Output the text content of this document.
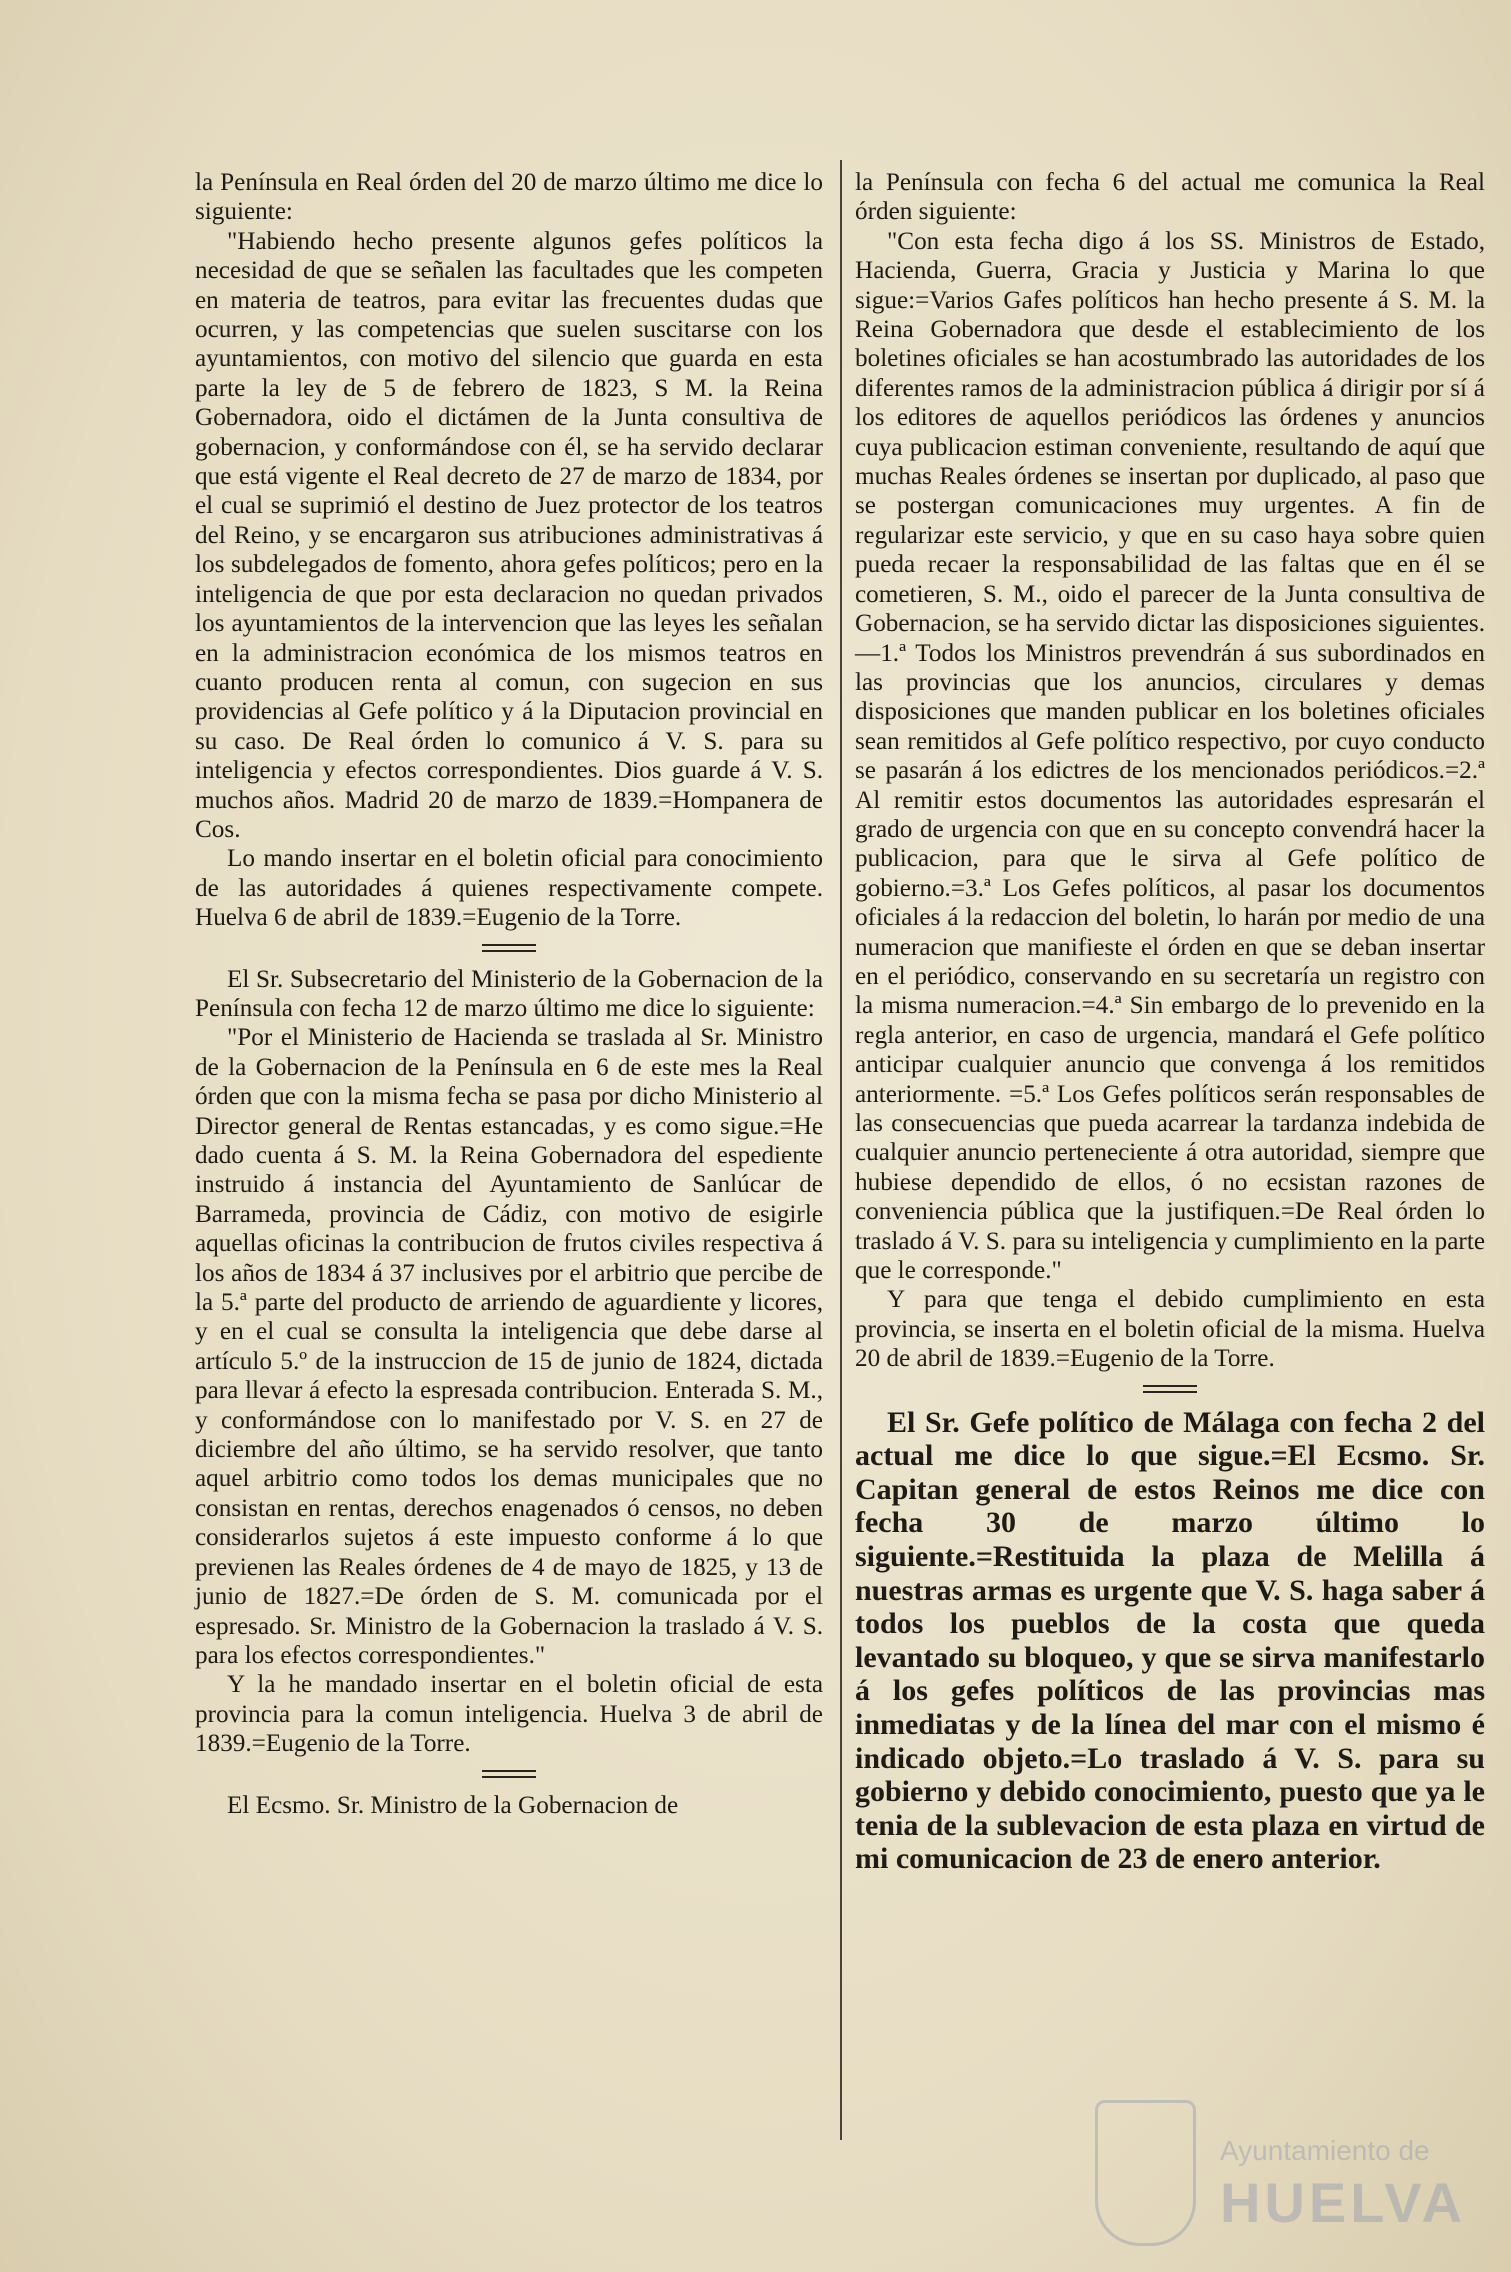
la Península en Real órden del 20 de marzo último me dice lo siguiente:

"Habiendo hecho presente algunos gefes políticos la necesidad de que se señalen las facultades que les competen en materia de teatros, para evitar las frecuentes dudas que ocurren, y las competencias que suelen suscitarse con los ayuntamientos, con motivo del silencio que guarda en esta parte la ley de 5 de febrero de 1823, S M. la Reina Gobernadora, oido el dictámen de la Junta consultiva de gobernacion, y conformándose con él, se ha servido declarar que está vigente el Real decreto de 27 de marzo de 1834, por el cual se suprimió el destino de Juez protector de los teatros del Reino, y se encargaron sus atribuciones administrativas á los subdelegados de fomento, ahora gefes políticos; pero en la inteligencia de que por esta declaracion no quedan privados los ayuntamientos de la intervencion que las leyes les señalan en la administracion económica de los mismos teatros en cuanto producen renta al comun, con sugecion en sus providencias al Gefe político y á la Diputacion provincial en su caso. De Real órden lo comunico á V. S. para su inteligencia y efectos correspondientes. Dios guarde á V. S. muchos años. Madrid 20 de marzo de 1839.=Hompanera de Cos.

Lo mando insertar en el boletin oficial para conocimiento de las autoridades á quienes respectivamente compete. Huelva 6 de abril de 1839.=Eugenio de la Torre.

El Sr. Subsecretario del Ministerio de la Gobernacion de la Península con fecha 12 de marzo último me dice lo siguiente:

"Por el Ministerio de Hacienda se traslada al Sr. Ministro de la Gobernacion de la Península en 6 de este mes la Real órden que con la misma fecha se pasa por dicho Ministerio al Director general de Rentas estancadas, y es como sigue.=He dado cuenta á S. M. la Reina Gobernadora del espediente instruido á instancia del Ayuntamiento de Sanlúcar de Barrameda, provincia de Cádiz, con motivo de esigirle aquellas oficinas la contribucion de frutos civiles respectiva á los años de 1834 á 37 inclusives por el arbitrio que percibe de la 5.ª parte del producto de arriendo de aguardiente y licores, y en el cual se consulta la inteligencia que debe darse al artículo 5.º de la instruccion de 15 de junio de 1824, dictada para llevar á efecto la espresada contribucion. Enterada S. M., y conformándose con lo manifestado por V. S. en 27 de diciembre del año último, se ha servido resolver, que tanto aquel arbitrio como todos los demas municipales que no consistan en rentas, derechos enagenados ó censos, no deben considerarlos sujetos á este impuesto conforme á lo que previenen las Reales órdenes de 4 de mayo de 1825, y 13 de junio de 1827.=De órden de S. M. comunicada por el espresado. Sr. Ministro de la Gobernacion la traslado á V. S. para los efectos correspondientes."

Y la he mandado insertar en el boletin oficial de esta provincia para la comun inteligencia. Huelva 3 de abril de 1839.=Eugenio de la Torre.

El Ecsmo. Sr. Ministro de la Gobernacion de

la Península con fecha 6 del actual me comunica la Real órden siguiente:

"Con esta fecha digo á los SS. Ministros de Estado, Hacienda, Guerra, Gracia y Justicia y Marina lo que sigue:=Varios Gafes políticos han hecho presente á S. M. la Reina Gobernadora que desde el establecimiento de los boletines oficiales se han acostumbrado las autoridades de los diferentes ramos de la administracion pública á dirigir por sí á los editores de aquellos periódicos las órdenes y anuncios cuya publicacion estiman conveniente, resultando de aquí que muchas Reales órdenes se insertan por duplicado, al paso que se postergan comunicaciones muy urgentes. A fin de regularizar este servicio, y que en su caso haya sobre quien pueda recaer la responsabilidad de las faltas que en él se cometieren, S. M., oido el parecer de la Junta consultiva de Gobernacion, se ha servido dictar las disposiciones siguientes.—1.ª Todos los Ministros prevendrán á sus subordinados en las provincias que los anuncios, circulares y demas disposiciones que manden publicar en los boletines oficiales sean remitidos al Gefe político respectivo, por cuyo conducto se pasarán á los edictres de los mencionados periódicos.=2.ª Al remitir estos documentos las autoridades espresarán el grado de urgencia con que en su concepto convendrá hacer la publicacion, para que le sirva al Gefe político de gobierno.=3.ª Los Gefes políticos, al pasar los documentos oficiales á la redaccion del boletin, lo harán por medio de una numeracion que manifieste el órden en que se deban insertar en el periódico, conservando en su secretaría un registro con la misma numeracion.=4.ª Sin embargo de lo prevenido en la regla anterior, en caso de urgencia, mandará el Gefe político anticipar cualquier anuncio que convenga á los remitidos anteriormente. =5.ª Los Gefes políticos serán responsables de las consecuencias que pueda acarrear la tardanza indebida de cualquier anuncio perteneciente á otra autoridad, siempre que hubiese dependido de ellos, ó no ecsistan razones de conveniencia pública que la justifiquen.=De Real órden lo traslado á V. S. para su inteligencia y cumplimiento en la parte que le corresponde."

Y para que tenga el debido cumplimiento en esta provincia, se inserta en el boletin oficial de la misma. Huelva 20 de abril de 1839.=Eugenio de la Torre.

El Sr. Gefe político de Málaga con fecha 2 del actual me dice lo que sigue.=El Ecsmo. Sr. Capitan general de estos Reinos me dice con fecha 30 de marzo último lo siguiente.=Restituida la plaza de Melilla á nuestras armas es urgente que V. S. haga saber á todos los pueblos de la costa que queda levantado su bloqueo, y que se sirva manifestarlo á los gefes políticos de las provincias mas inmediatas y de la línea del mar con el mismo é indicado objeto.=Lo traslado á V. S. para su gobierno y debido conocimiento, puesto que ya le tenia de la sublevacion de esta plaza en virtud de mi comunicacion de 23 de enero anterior.

Ayuntamiento de
HUELVA
